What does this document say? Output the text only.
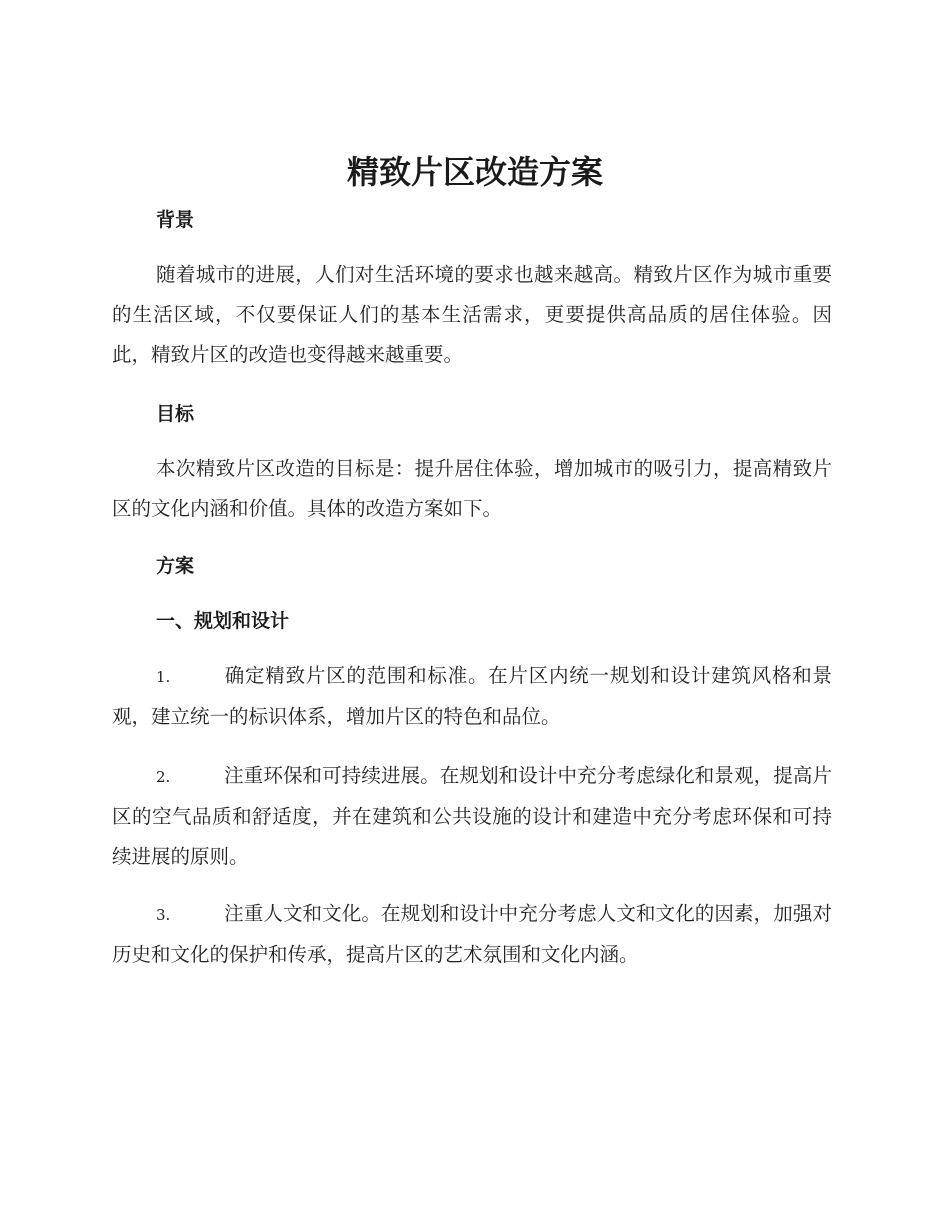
精致片区改造方案
背景

随着城市的进展，人们对生活环境的要求也越来越高。精致片区作为城市重要的生活区域，不仅要保证人们的基本生活需求，更要提供高品质的居住体验。因此，精致片区的改造也变得越来越重要。

目标

本次精致片区改造的目标是：提升居住体验，增加城市的吸引力，提高精致片区的文化内涵和价值。具体的改造方案如下。

方案
一、规划和设计

1.	确定精致片区的范围和标准。在片区内统一规划和设计建筑风格和景观，建立统一的标识体系，增加片区的特色和品位。

2.	注重环保和可持续进展。在规划和设计中充分考虑绿化和景观，提高片区的空气品质和舒适度，并在建筑和公共设施的设计和建造中充分考虑环保和可持续进展的原则。

3.	注重人文和文化。在规划和设计中充分考虑人文和文化的因素，加强对历史和文化的保护和传承，提高片区的艺术氛围和文化内涵。
